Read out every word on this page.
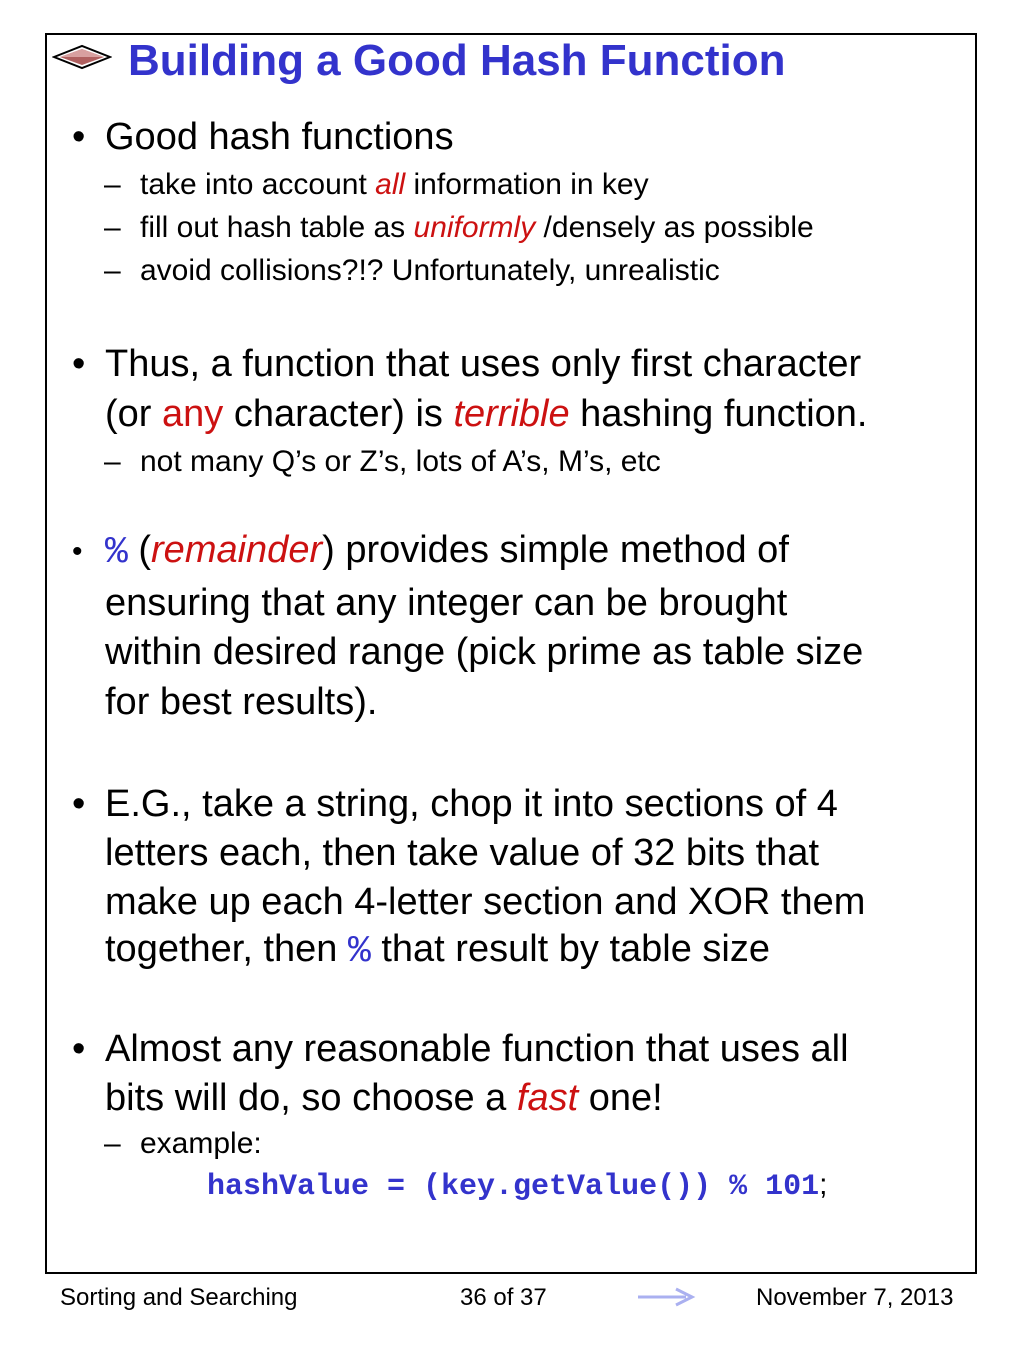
Building a Good Hash Function
• Good hash functions
– take into account all information in key
– fill out hash table as uniformly /densely as possible
– avoid collisions?!? Unfortunately, unrealistic
• Thus, a function that uses only first character
(or any character) is terrible hashing function.
– not many Q’s or Z’s, lots of A’s, M’s, etc
• % (remainder) provides simple method of
ensuring that any integer can be brought
within desired range (pick prime as table size
for best results).
• E.G., take a string, chop it into sections of 4
letters each, then take value of 32 bits that
make up each 4-letter section and XOR them
together, then % that result by table size
• Almost any reasonable function that uses all
bits will do, so choose a fast one!
– example:
hashValue = (key.getValue()) % 101;
Sorting and Searching	36 of 37	November 7, 2013
